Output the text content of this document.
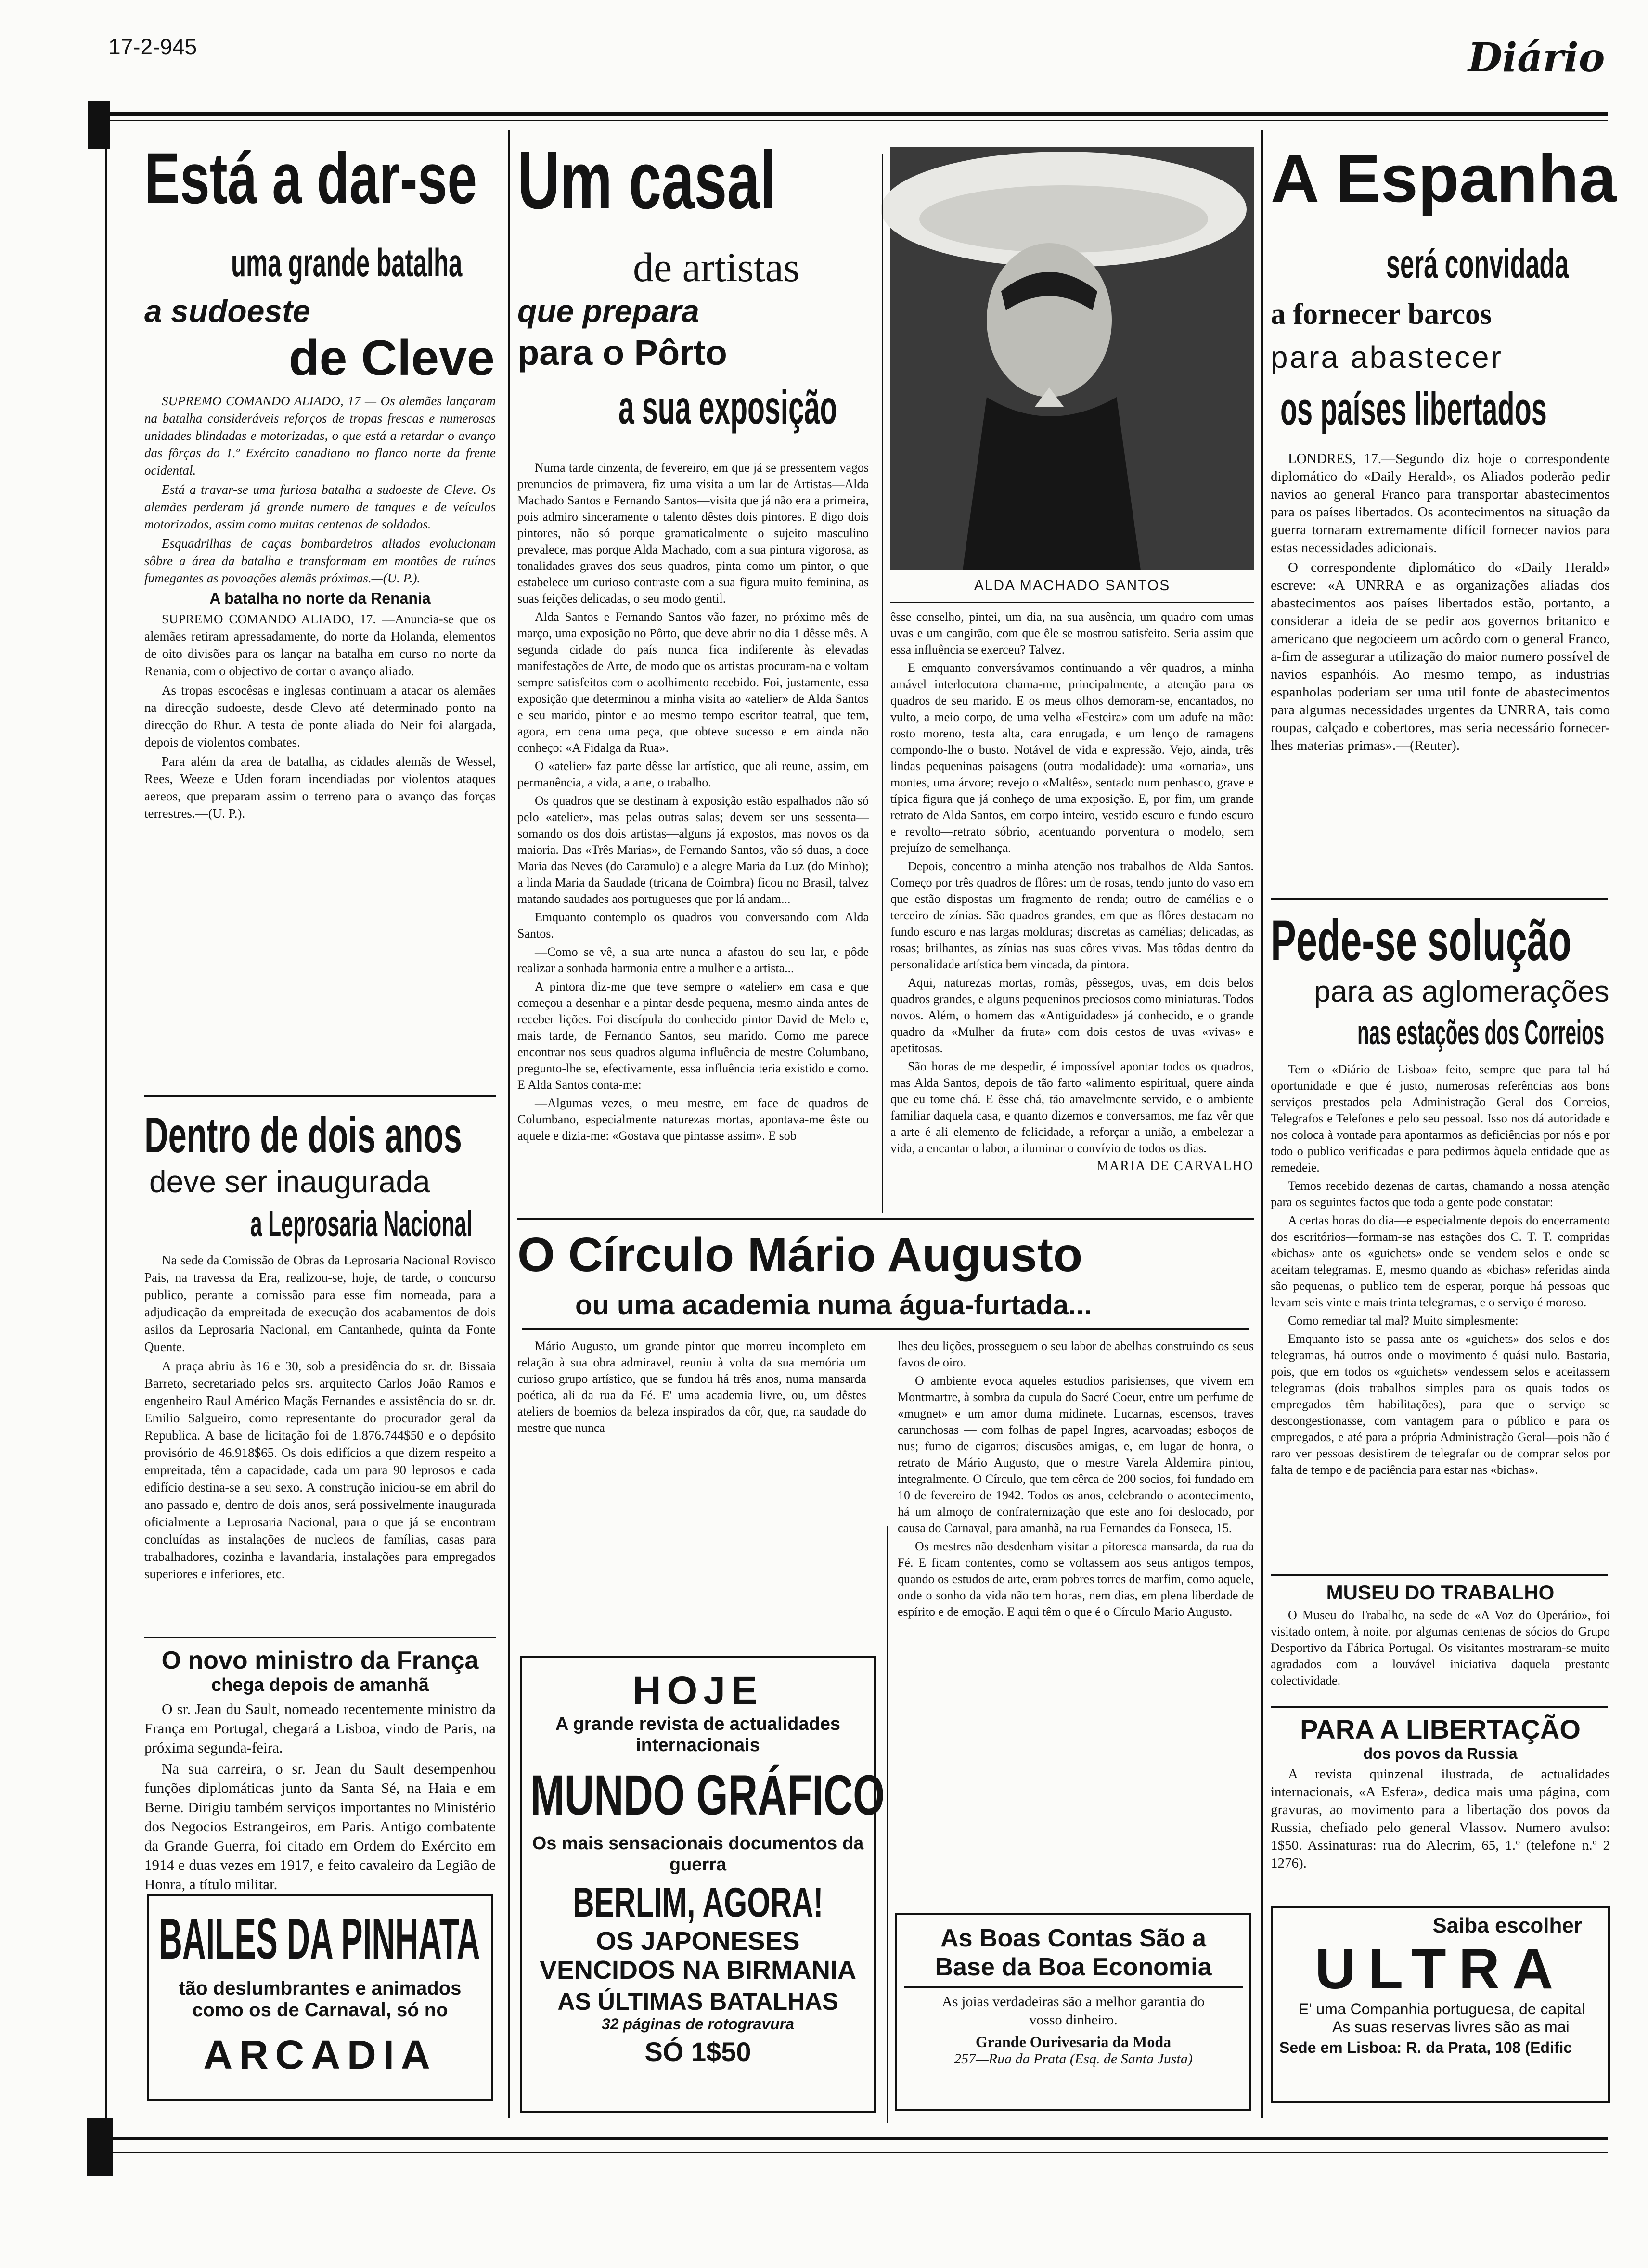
17-2-945	Diário
Está a dar-se
uma grande batalha
a sudoeste
de Cleve

SUPREMO COMANDO ALIADO, 17 — Os alemães lançaram na batalha consideráveis reforços de tropas frescas e numerosas unidades blindadas e motorizadas, o que está a retardar o avanço das fôrças do 1.º Exército canadiano no flanco norte da frente ocidental.

Está a travar-se uma furiosa batalha a sudoeste de Cleve. Os alemães perderam já grande numero de tanques e de veículos motorizados, assim como muitas centenas de soldados.

Esquadrilhas de caças bombardeiros aliados evolucionam sôbre a área da batalha e transformam em montões de ruínas fumegantes as povoações alemãs próximas.—(U. P.).

A batalha no norte da Renania

SUPREMO COMANDO ALIADO, 17. —Anuncia-se que os alemães retiram apressadamente, do norte da Holanda, elementos de oito divisões para os lançar na batalha em curso no norte da Renania, com o objectivo de cortar o avanço aliado.

As tropas escocêsas e inglesas continuam a atacar os alemães na direcção sudoeste, desde Clevo até determinado ponto na direcção do Rhur. A testa de ponte aliada do Neir foi alargada, depois de violentos combates.

Para além da area de batalha, as cidades alemãs de Wessel, Rees, Weeze e Uden foram incendiadas por violentos ataques aereos, que preparam assim o terreno para o avanço das forças terrestres.—(U. P.).

Dentro de dois anos
deve ser inaugurada
a Leprosaria Nacional

Na sede da Comissão de Obras da Leprosaria Nacional Rovisco Pais, na travessa da Era, realizou-se, hoje, de tarde, o concurso publico, perante a comissão para esse fim nomeada, para a adjudicação da empreitada de execução dos acabamentos de dois asilos da Leprosaria Nacional, em Cantanhede, quinta da Fonte Quente.

A praça abriu às 16 e 30, sob a presidência do sr. dr. Bissaia Barreto, secretariado pelos srs. arquitecto Carlos João Ramos e engenheiro Raul Américo Maçãs Fernandes e assistência do sr. dr. Emilio Salgueiro, como representante do procurador geral da Republica. A base de licitação foi de 1.876.744$50 e o depósito provisório de 46.918$65. Os dois edifícios a que dizem respeito a empreitada, têm a capacidade, cada um para 90 leprosos e cada edifício destina-se a seu sexo. A construção iniciou-se em abril do ano passado e, dentro de dois anos, será possivelmente inaugurada oficialmente a Leprosaria Nacional, para o que já se encontram concluídas as instalações de nucleos de famílias, casas para trabalhadores, cozinha e lavandaria, instalações para empregados superiores e inferiores, etc.

O novo ministro da França
chega depois de amanhã

O sr. Jean du Sault, nomeado recentemente ministro da França em Portugal, chegará a Lisboa, vindo de Paris, na próxima segunda-feira.

Na sua carreira, o sr. Jean du Sault desempenhou funções diplomáticas junto da Santa Sé, na Haia e em Berne. Dirigiu também serviços importantes no Ministério dos Negocios Estrangeiros, em Paris. Antigo combatente da Grande Guerra, foi citado em Ordem do Exército em 1914 e duas vezes em 1917, e feito cavaleiro da Legião de Honra, a título militar.

BAILES DA PINHATA
tão deslumbrantes e animados
como os de Carnaval, só no
ARCADIA
Um casal
de artistas
que prepara
para o Pôrto
a sua exposição

Numa tarde cinzenta, de fevereiro, em que já se pressentem vagos prenuncios de primavera, fiz uma visita a um lar de Artistas—Alda Machado Santos e Fernando Santos—visita que já não era a primeira, pois admiro sinceramente o talento dêstes dois pintores. E digo dois pintores, não só porque gramaticalmente o sujeito masculino prevalece, mas porque Alda Machado, com a sua pintura vigorosa, as tonalidades graves dos seus quadros, pinta como um pintor, o que estabelece um curioso contraste com a sua figura muito feminina, as suas feições delicadas, o seu modo gentil.

Alda Santos e Fernando Santos vão fazer, no próximo mês de março, uma exposição no Pôrto, que deve abrir no dia 1 dêsse mês. A segunda cidade do país nunca fica indiferente às elevadas manifestações de Arte, de modo que os artistas procuram-na e voltam sempre satisfeitos com o acolhimento recebido. Foi, justamente, essa exposição que determinou a minha visita ao «atelier» de Alda Santos e seu marido, pintor e ao mesmo tempo escritor teatral, que tem, agora, em cena uma peça, que obteve sucesso e em ainda não conheço: «A Fidalga da Rua».

O «atelier» faz parte dêsse lar artístico, que ali reune, assim, em permanência, a vida, a arte, o trabalho.

Os quadros que se destinam à exposição estão espalhados não só pelo «atelier», mas pelas outras salas; devem ser uns sessenta—somando os dos dois artistas—alguns já expostos, mas novos os da maioria. Das «Três Marias», de Fernando Santos, vão só duas, a doce Maria das Neves (do Caramulo) e a alegre Maria da Luz (do Minho); a linda Maria da Saudade (tricana de Coimbra) ficou no Brasil, talvez matando saudades aos portugueses que por lá andam...

Emquanto contemplo os quadros vou conversando com Alda Santos.

—Como se vê, a sua arte nunca a afastou do seu lar, e pôde realizar a sonhada harmonia entre a mulher e a artista...

A pintora diz-me que teve sempre o «atelier» em casa e que começou a desenhar e a pintar desde pequena, mesmo ainda antes de receber lições. Foi discípula do conhecido pintor David de Melo e, mais tarde, de Fernando Santos, seu marido. Como me parece encontrar nos seus quadros alguma influência de mestre Columbano, pregunto-lhe se, efectivamente, essa influência teria existido e como. E Alda Santos conta-me:

—Algumas vezes, o meu mestre, em face de quadros de Columbano, especialmente naturezas mortas, apontava-me êste ou aquele e dizia-me: «Gostava que pintasse assim». E sob

ALDA MACHADO SANTOS

êsse conselho, pintei, um dia, na sua ausência, um quadro com umas uvas e um cangirão, com que êle se mostrou satisfeito. Seria assim que essa influência se exerceu? Talvez.

E emquanto conversávamos continuando a vêr quadros, a minha amável interlocutora chama-me, principalmente, a atenção para os quadros de seu marido. E os meus olhos demoram-se, encantados, no vulto, a meio corpo, de uma velha «Festeira» com um adufe na mão: rosto moreno, testa alta, cara enrugada, e um lenço de ramagens compondo-lhe o busto. Notável de vida e expressão. Vejo, ainda, três lindas pequeninas paisagens (outra modalidade): uma «ornaria», uns montes, uma árvore; revejo o «Maltês», sentado num penhasco, grave e típica figura que já conheço de uma exposição. E, por fim, um grande retrato de Alda Santos, em corpo inteiro, vestido escuro e fundo escuro e revolto—retrato sóbrio, acentuando porventura o modelo, sem prejuízo de semelhança.

Depois, concentro a minha atenção nos trabalhos de Alda Santos. Começo por três quadros de flôres: um de rosas, tendo junto do vaso em que estão dispostas um fragmento de renda; outro de camélias e o terceiro de zínias. São quadros grandes, em que as flôres destacam no fundo escuro e nas largas molduras; discretas as camélias; delicadas, as rosas; brilhantes, as zínias nas suas côres vivas. Mas tôdas dentro da personalidade artística bem vincada, da pintora.

Aqui, naturezas mortas, romãs, pêssegos, uvas, em dois belos quadros grandes, e alguns pequeninos preciosos como miniaturas. Todos novos. Além, o homem das «Antiguidades» já conhecido, e o grande quadro da «Mulher da fruta» com dois cestos de uvas «vivas» e apetitosas.

São horas de me despedir, é impossível apontar todos os quadros, mas Alda Santos, depois de tão farto «alimento espiritual, quere ainda que eu tome chá. E êsse chá, tão amavelmente servido, e o ambiente familiar daquela casa, e quanto dizemos e conversamos, me faz vêr que a arte é ali elemento de felicidade, a reforçar a união, a embelezar a vida, a encantar o labor, a iluminar o convívio de todos os dias.

MARIA DE CARVALHO
O Círculo Mário Augusto
ou uma academia numa água-furtada...

Mário Augusto, um grande pintor que morreu incompleto em relação à sua obra admiravel, reuniu à volta da sua memória um curioso grupo artístico, que se fundou há três anos, numa mansarda poética, ali da rua da Fé. E' uma academia livre, ou, um dêstes ateliers de boemios da beleza inspirados da côr, que, na saudade do mestre que nunca

lhes deu lições, prosseguem o seu labor de abelhas construindo os seus favos de oiro.

O ambiente evoca aqueles estudios parisienses, que vivem em Montmartre, à sombra da cupula do Sacré Coeur, entre um perfume de «mugnet» e um amor duma midinete. Lucarnas, escensos, traves carunchosas — com folhas de papel Ingres, acarvoadas; esboços de nus; fumo de cigarros; discusões amigas, e, em lugar de honra, o retrato de Mário Augusto, que o mestre Varela Aldemira pintou, integralmente. O Círculo, que tem cêrca de 200 socios, foi fundado em 10 de fevereiro de 1942. Todos os anos, celebrando o acontecimento, há um almoço de confraternização que este ano foi deslocado, por causa do Carnaval, para amanhã, na rua Fernandes da Fonseca, 15.

Os mestres não desdenham visitar a pitoresca mansarda, da rua da Fé. E ficam contentes, como se voltassem aos seus antigos tempos, quando os estudos de arte, eram pobres torres de marfim, como aquele, onde o sonho da vida não tem horas, nem dias, em plena liberdade de espírito e de emoção. E aqui têm o que é o Círculo Mario Augusto.

HOJE
A grande revista de actualidades internacionais
MUNDO GRÁFICO
Os mais sensacionais documentos da guerra
BERLIM, AGORA!
OS JAPONESES VENCIDOS NA BIRMANIA
AS ÚLTIMAS BATALHAS
32 páginas de rotogravura
SÓ 1$50
As Boas Contas São a
Base da Boa Economia
As joias verdadeiras são a melhor garantia do vosso dinheiro.
Grande Ourivesaria da Moda
257—Rua da Prata (Esq. de Santa Justa)
A Espanha
será convidada
a fornecer barcos
para abastecer
os países libertados

LONDRES, 17.—Segundo diz hoje o correspondente diplomático do «Daily Herald», os Aliados poderão pedir navios ao general Franco para transportar abastecimentos para os países libertados. Os acontecimentos na situação da guerra tornaram extremamente difícil fornecer navios para estas necessidades adicionais.

O correspondente diplomático do «Daily Herald» escreve: «A UNRRA e as organizações aliadas dos abastecimentos aos países libertados estão, portanto, a considerar a ideia de se pedir aos governos britanico e americano que negocieem um acôrdo com o general Franco, a-fim de assegurar a utilização do maior numero possível de navios espanhóis. Ao mesmo tempo, as industrias espanholas poderiam ser uma util fonte de abastecimentos para algumas necessidades urgentes da UNRRA, tais como roupas, calçado e cobertores, mas seria necessário fornecer-lhes materias primas».—(Reuter).

Pede-se solução
para as aglomerações
nas estações dos Correios

Tem o «Diário de Lisboa» feito, sempre que para tal há oportunidade e que é justo, numerosas referências aos bons serviços prestados pela Administração Geral dos Correios, Telegrafos e Telefones e pelo seu pessoal. Isso nos dá autoridade e nos coloca à vontade para apontarmos as deficiências por nós e por todo o publico verificadas e para pedirmos àquela entidade que as remedeie.

Temos recebido dezenas de cartas, chamando a nossa atenção para os seguintes factos que toda a gente pode constatar:

A certas horas do dia—e especialmente depois do encerramento dos escritórios—formam-se nas estações dos C. T. T. compridas «bichas» ante os «guichets» onde se vendem selos e onde se aceitam telegramas. E, mesmo quando as «bichas» referidas ainda são pequenas, o publico tem de esperar, porque há pessoas que levam seis vinte e mais trinta telegramas, e o serviço é moroso.

Como remediar tal mal? Muito simplesmente:

Emquanto isto se passa ante os «guichets» dos selos e dos telegramas, há outros onde o movimento é quási nulo. Bastaria, pois, que em todos os «guichets» vendessem selos e aceitassem telegramas (dois trabalhos simples para os quais todos os empregados têm habilitações), para que o serviço se descongestionasse, com vantagem para o público e para os empregados, e até para a própria Administração Geral—pois não é raro ver pessoas desistirem de telegrafar ou de comprar selos por falta de tempo e de paciência para estar nas «bichas».

MUSEU DO TRABALHO

O Museu do Trabalho, na sede de «A Voz do Operário», foi visitado ontem, à noite, por algumas centenas de sócios do Grupo Desportivo da Fábrica Portugal. Os visitantes mostraram-se muito agradados com a louvável iniciativa daquela prestante colectividade.

PARA A LIBERTAÇÃO
dos povos da Russia

A revista quinzenal ilustrada, de actualidades internacionais, «A Esfera», dedica mais uma página, com gravuras, ao movimento para a libertação dos povos da Russia, chefiado pelo general Vlassov. Numero avulso: 1$50. Assinaturas: rua do Alecrim, 65, 1.º (telefone n.º 2 1276).

Saiba escolher
ULTRA
E' uma Companhia portuguesa, de capital
As suas reservas livres são as mai
Sede em Lisboa: R. da Prata, 108 (Edific
